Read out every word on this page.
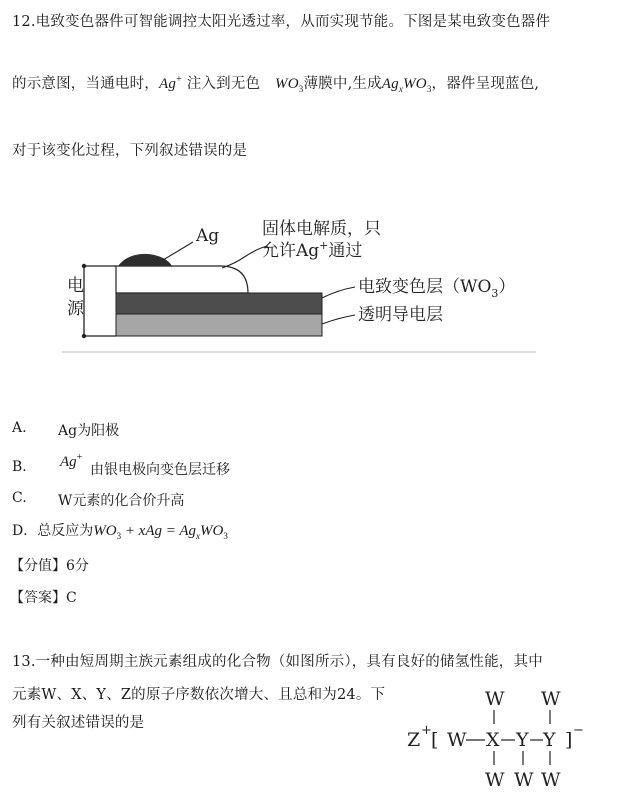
12.电致变色器件可智能调控太阳光透过率，从而实现节能。下图是某电致变色器件
的示意图，当通电时，Ag+ 注入到无色 $WO_3$薄膜中,生成$Ag_xWO_3$，器件呈现蓝色,
对于该变化过程，下列叙述错误的是
电
源
Ag	固体电解质，只
允许Ag+通过
电致变色层$(WO_3)$
透明导电层
A. Ag为阳极
B. Ag+
由银电极向变色层迁移
C. W元素的化合价升高
D．总反应为$WO_3$ + xAg = $Ag_xWO_3$
【分值】6分
【答案】C
13.一种由短周期主族元素组成的化合物（如图所示），具有良好的储氢性能，其中
元素W、X、Y、Z的原子序数依次增大、且总和为24。下
列有关叙述错误的是
W W
Z + [ W X Y Y ] −
W W W
